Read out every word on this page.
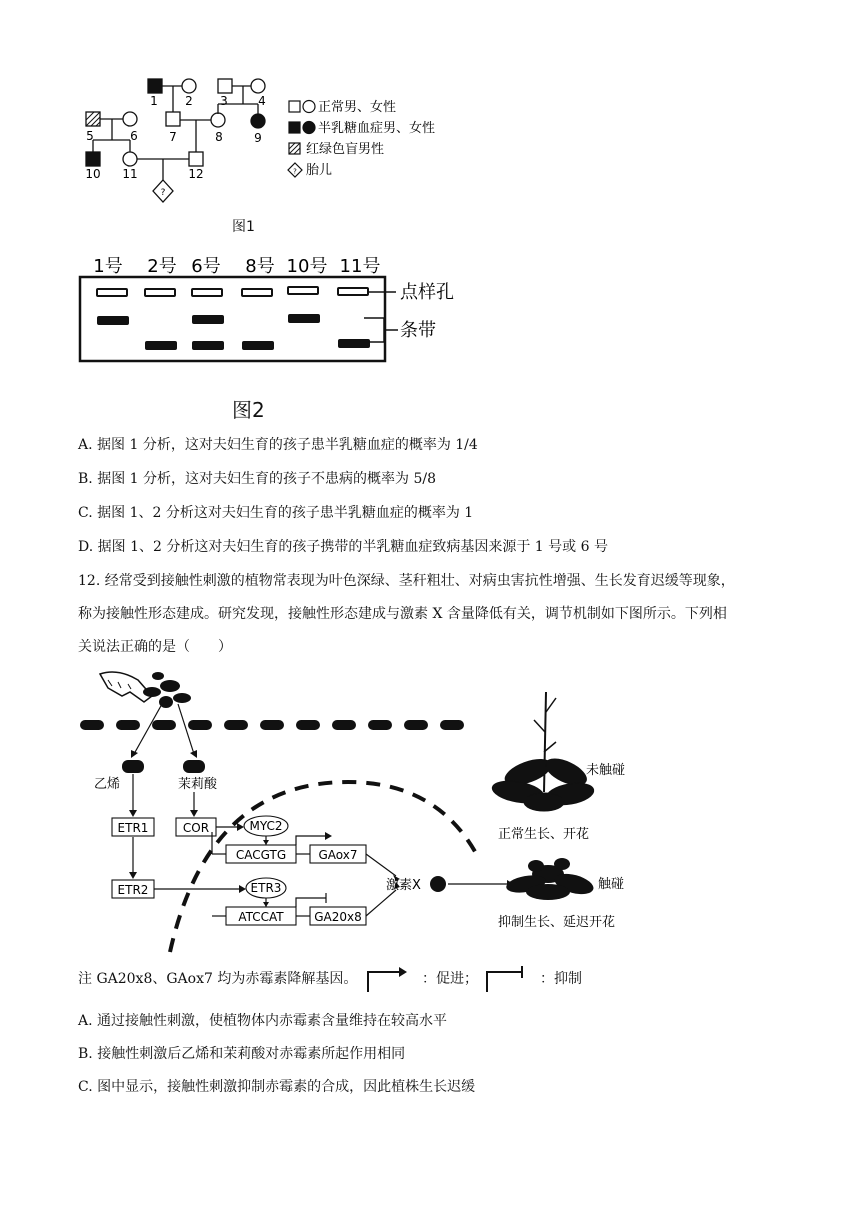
?
1 2 3	4
5	6	7	8	9
10 11	12	?
正常男、女性
半乳糖血症男、女性
红绿色盲男性
胎儿
图1
1号 2号 6号 8号 10号 11号
点样孔
条带
图2
A. 据图 1 分析，这对夫妇生育的孩子患半乳糖血症的概率为 1/4
B. 据图 1 分析，这对夫妇生育的孩子不患病的概率为 5/8
C. 据图 1、2 分析这对夫妇生育的孩子患半乳糖血症的概率为 1
D. 据图 1、2 分析这对夫妇生育的孩子携带的半乳糖血症致病基因来源于 1 号或 6 号
12. 经常受到接触性刺激的植物常表现为叶色深绿、茎秆粗壮、对病虫害抗性增强、生长发育迟缓等现象，
称为接触性形态建成。研究发现，接触性形态建成与激素 X 含量降低有关，调节机制如下图所示。下列相
关说法正确的是（　　）
乙烯	茉莉酸
ETR1	COR
ETR2
MYC2
CACGTG	GAox7
ETR3
ATCCAT	GA20x8
激素X
未触碰
正常生长、开花
触碰
抑制生长、延迟开花
注 GA20x8、GAox7 均为赤霉素降解基因。	：促进；	：抑制
A. 通过接触性刺激，使植物体内赤霉素含量维持在较高水平
B. 接触性刺激后乙烯和茉莉酸对赤霉素所起作用相同
C. 图中显示，接触性刺激抑制赤霉素的合成，因此植株生长迟缓
